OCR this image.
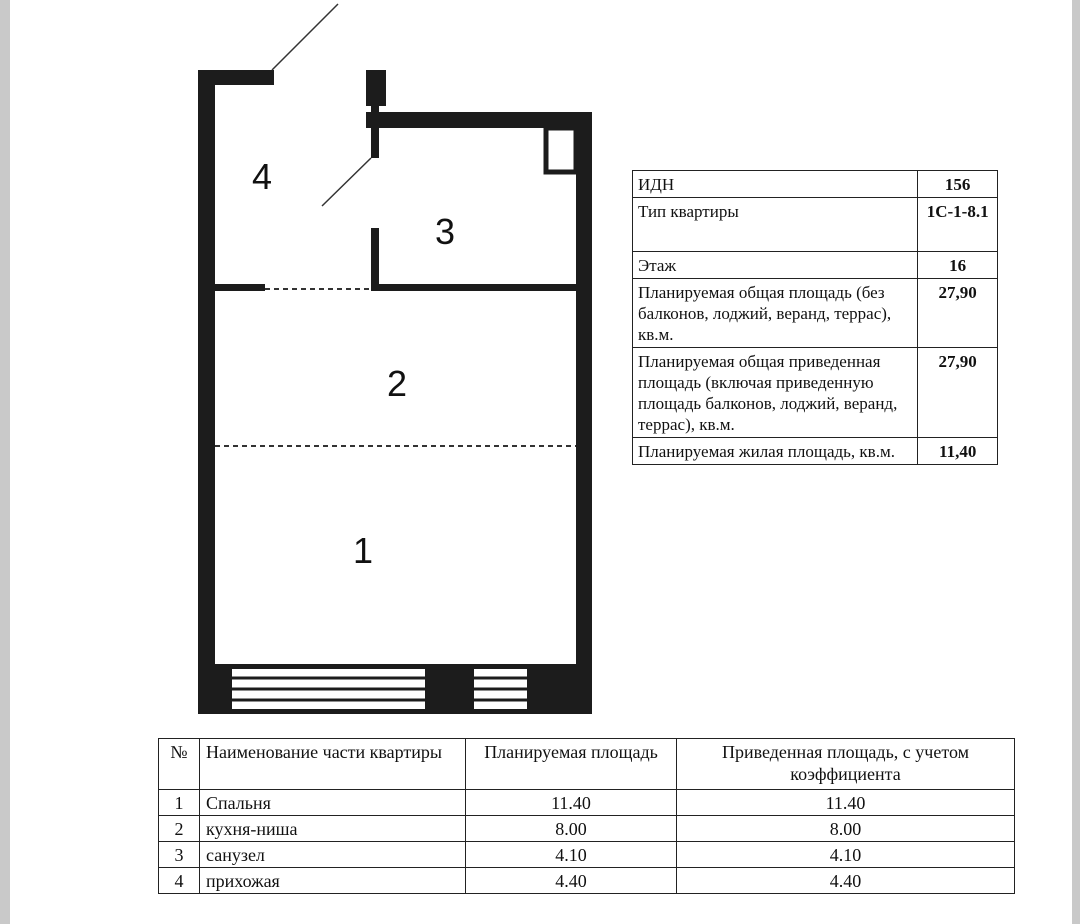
4
3
2
1
ИДН	156
Тип квартиры	1С-1-8.1
Этаж	16
Планируемая общая площадь (без балконов, лоджий, веранд, террас), кв.м.	27,90
Планируемая общая приведенная площадь (включая приведенную площадь балконов, лоджий, веранд, террас), кв.м.	27,90
Планируемая жилая площадь, кв.м.	11,40
№	Наименование части квартиры	Планируемая площадь	Приведенная площадь, с учетом коэффициента
1	Спальня	11.40	11.40
2	кухня-ниша	8.00	8.00
3	санузел	4.10	4.10
4	прихожая	4.40	4.40
